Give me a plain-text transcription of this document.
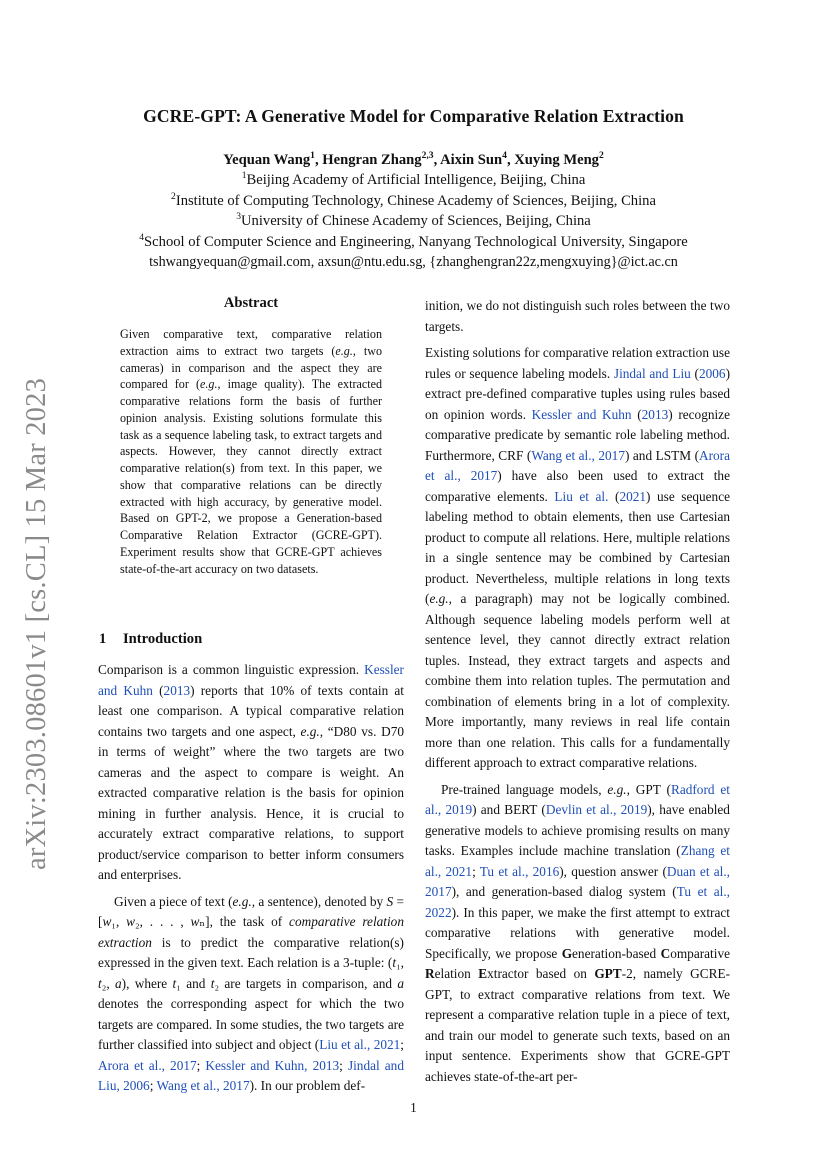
GCRE-GPT: A Generative Model for Comparative Relation Extraction
Yequan Wang$^1$, Hengran Zhang$^{2,3}$, Aixin Sun$^4$, Xuying Meng$^2$
$^1$Beijing Academy of Artificial Intelligence, Beijing, China
$^2$Institute of Computing Technology, Chinese Academy of Sciences, Beijing, China
$^3$University of Chinese Academy of Sciences, Beijing, China
$^4$School of Computer Science and Engineering, Nanyang Technological University, Singapore
tshwangyequan@gmail.com, axsun@ntu.edu.sg, {zhanghengran22z,mengxuying}@ict.ac.cn
arXiv:2303.08601v1 [cs.CL] 15 Mar 2023
Abstract
Given comparative text, comparative relation extraction aims to extract two targets (e.g., two cameras) in comparison and the aspect they are compared for (e.g., image quality). The extracted comparative relations form the basis of further opinion analysis. Existing solutions formulate this task as a sequence labeling task, to extract targets and aspects. However, they cannot directly extract comparative relation(s) from text. In this paper, we show that comparative relations can be directly extracted with high accuracy, by generative model. Based on GPT-2, we propose a Generation-based Comparative Relation Extractor (GCRE-GPT). Experiment results show that GCRE-GPT achieves state-of-the-art accuracy on two datasets.
1 Introduction

Comparison is a common linguistic expression. Kessler and Kuhn (2013) reports that 10% of texts contain at least one comparison. A typical comparative relation contains two targets and one aspect, e.g., “D80 vs. D70 in terms of weight” where the two targets are two cameras and the aspect to compare is weight. An extracted comparative relation is the basis for opinion mining in further analysis. Hence, it is crucial to accurately extract comparative relations, to support product/service comparison to better inform consumers and enterprises.

Given a piece of text (e.g., a sentence), denoted by S = [w₁, w₂, . . . , wₙ], the task of comparative relation extraction is to predict the comparative relation(s) expressed in the given text. Each relation is a 3-tuple: (t₁, t₂, a), where t₁ and t₂ are targets in comparison, and a denotes the corresponding aspect for which the two targets are compared. In some studies, the two targets are further classified into subject and object (Liu et al., 2021; Arora et al., 2017; Kessler and Kuhn, 2013; Jindal and Liu, 2006; Wang et al., 2017). In our problem def-

inition, we do not distinguish such roles between the two targets.

Existing solutions for comparative relation extraction use rules or sequence labeling models. Jindal and Liu (2006) extract pre-defined comparative tuples using rules based on opinion words. Kessler and Kuhn (2013) recognize comparative predicate by semantic role labeling method. Furthermore, CRF (Wang et al., 2017) and LSTM (Arora et al., 2017) have also been used to extract the comparative elements. Liu et al. (2021) use sequence labeling method to obtain elements, then use Cartesian product to compute all relations. Here, multiple relations in a single sentence may be combined by Cartesian product. Nevertheless, multiple relations in long texts (e.g., a paragraph) may not be logically combined. Although sequence labeling models perform well at sentence level, they cannot directly extract relation tuples. Instead, they extract targets and aspects and combine them into relation tuples. The permutation and combination of elements bring in a lot of complexity. More importantly, many reviews in real life contain more than one relation. This calls for a fundamentally different approach to extract comparative relations.

Pre-trained language models, e.g., GPT (Radford et al., 2019) and BERT (Devlin et al., 2019), have enabled generative models to achieve promising results on many tasks. Examples include machine translation (Zhang et al., 2021; Tu et al., 2016), question answer (Duan et al., 2017), and generation-based dialog system (Tu et al., 2022). In this paper, we make the first attempt to extract comparative relations with generative model. Specifically, we propose Generation-based Comparative Relation Extractor based on GPT-2, namely GCRE-GPT, to extract comparative relations from text. We represent a comparative relation tuple in a piece of text, and train our model to generate such texts, based on an input sentence. Experiments show that GCRE-GPT achieves state-of-the-art per-

1
